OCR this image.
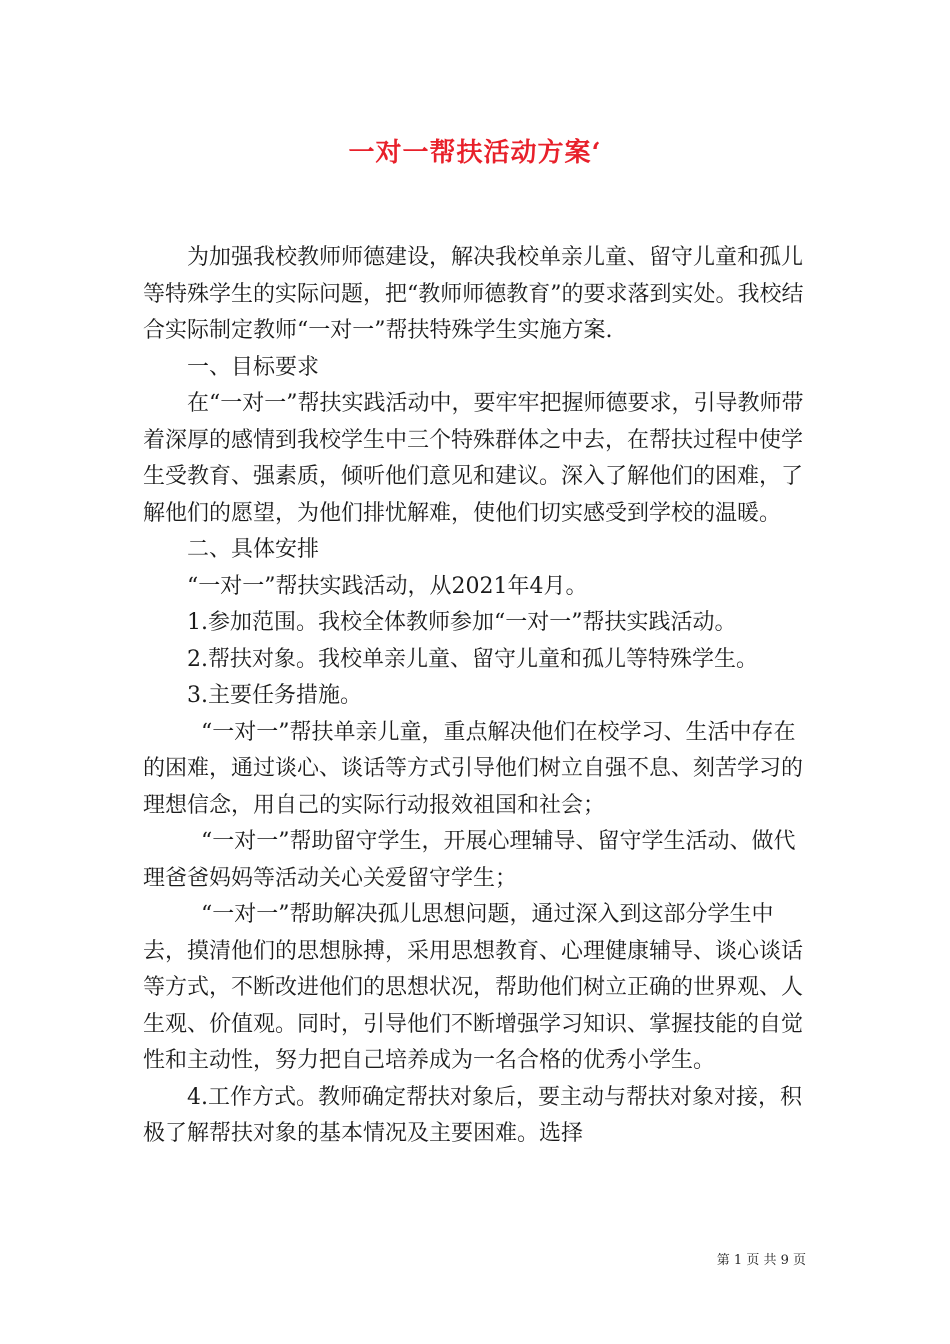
一对一帮扶活动方案‘

为加强我校教师师德建设，解决我校单亲儿童、留守儿童和孤儿等特殊学生的实际问题，把“教师师德教育”的要求落到实处。我校结合实际制定教师“一对一”帮扶特殊学生实施方案.

一、目标要求

在“一对一”帮扶实践活动中，要牢牢把握师德要求，引导教师带着深厚的感情到我校学生中三个特殊群体之中去，在帮扶过程中使学生受教育、强素质，倾听他们意见和建议。深入了解他们的困难，了解他们的愿望，为他们排忧解难，使他们切实感受到学校的温暖。

二、具体安排

“一对一”帮扶实践活动，从2021年4月。

1.参加范围。我校全体教师参加“一对一”帮扶实践活动。

2.帮扶对象。我校单亲儿童、留守儿童和孤儿等特殊学生。

3.主要任务措施。

“一对一”帮扶单亲儿童，重点解决他们在校学习、生活中存在的困难，通过谈心、谈话等方式引导他们树立自强不息、刻苦学习的理想信念，用自己的实际行动报效祖国和社会；

“一对一”帮助留守学生，开展心理辅导、留守学生活动、做代理爸爸妈妈等活动关心关爱留守学生；

“一对一”帮助解决孤儿思想问题，通过深入到这部分学生中去，摸清他们的思想脉搏，采用思想教育、心理健康辅导、谈心谈话等方式，不断改进他们的思想状况，帮助他们树立正确的世界观、人生观、价值观。同时，引导他们不断增强学习知识、掌握技能的自觉性和主动性，努力把自己培养成为一名合格的优秀小学生。

4.工作方式。教师确定帮扶对象后，要主动与帮扶对象对接，积极了解帮扶对象的基本情况及主要困难。选择

第 1 页 共 9 页
